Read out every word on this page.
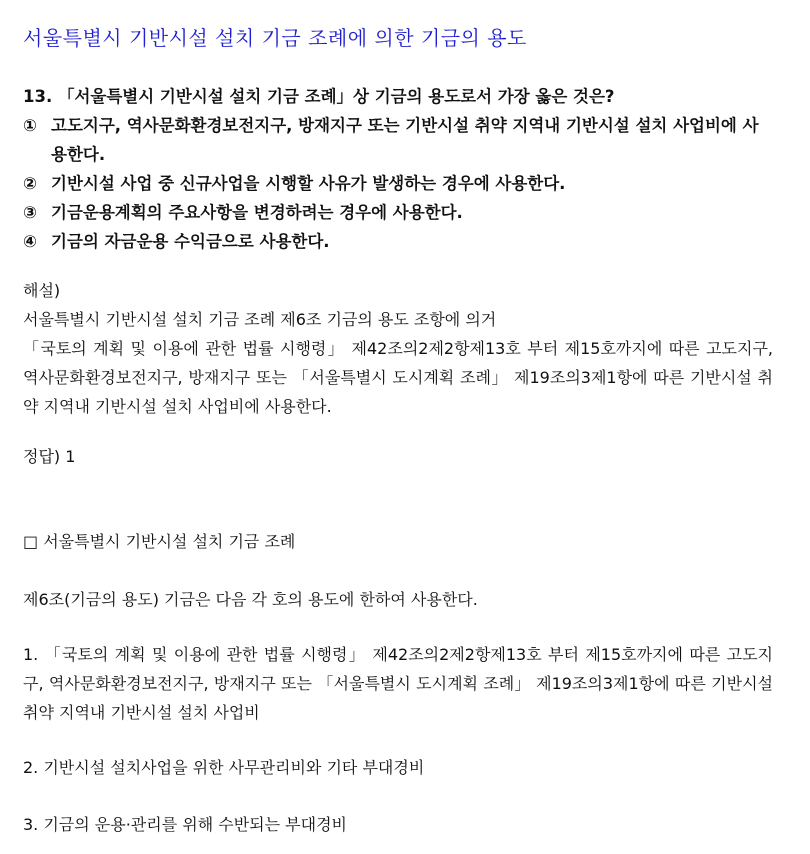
서울특별시 기반시설 설치 기금 조례에 의한 기금의 용도
13. 「서울특별시 기반시설 설치 기금 조례」상 기금의 용도로서 가장 옳은 것은?
① 고도지구, 역사문화환경보전지구, 방재지구 또는 기반시설 취약 지역내 기반시설 설치 사업비에 사용한다.
② 기반시설 사업 중 신규사업을 시행할 사유가 발생하는 경우에 사용한다.
③ 기금운용계획의 주요사항을 변경하려는 경우에 사용한다.
④ 기금의 자금운용 수익금으로 사용한다.
해설)
서울특별시 기반시설 설치 기금 조례 제6조 기금의 용도 조항에 의거
「국토의 계획 및 이용에 관한 법률 시행령」 제42조의2제2항제13호 부터 제15호까지에 따른 고도지구, 역사문화환경보전지구, 방재지구 또는 「서울특별시 도시계획 조례」 제19조의3제1항에 따른 기반시설 취약 지역내 기반시설 설치 사업비에 사용한다.
정답) 1
□ 서울특별시 기반시설 설치 기금 조례
제6조(기금의 용도) 기금은 다음 각 호의 용도에 한하여 사용한다.
1. 「국토의 계획 및 이용에 관한 법률 시행령」 제42조의2제2항제13호 부터 제15호까지에 따른 고도지구, 역사문화환경보전지구, 방재지구 또는 「서울특별시 도시계획 조례」 제19조의3제1항에 따른 기반시설 취약 지역내 기반시설 설치 사업비
2. 기반시설 설치사업을 위한 사무관리비와 기타 부대경비
3. 기금의 운용·관리를 위해 수반되는 부대경비
